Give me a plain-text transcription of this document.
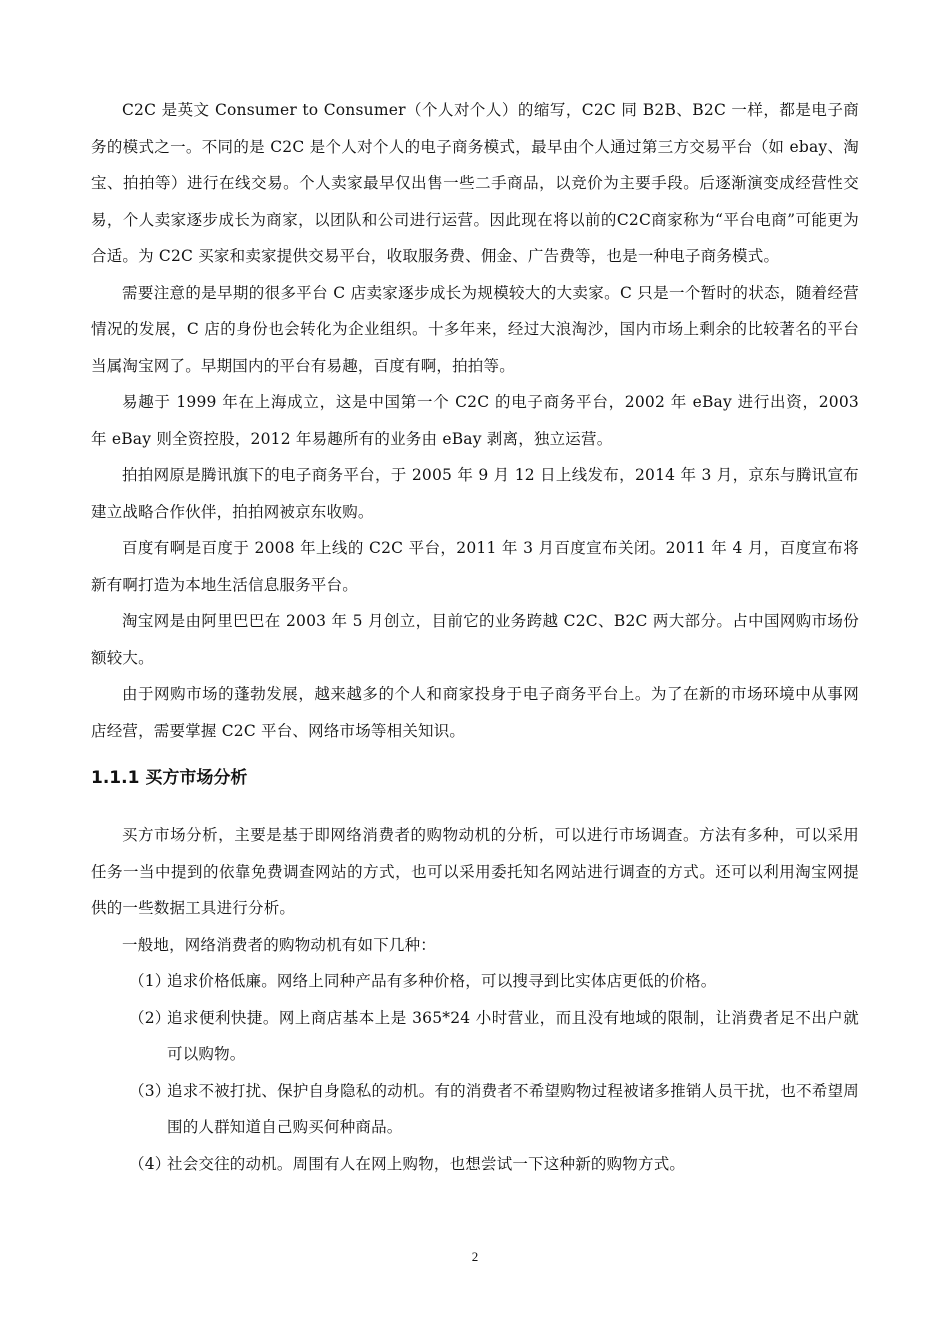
C2C 是英文 Consumer to Consumer（个人对个人）的缩写，C2C 同 B2B、B2C 一样，都是电子商务的模式之一。不同的是 C2C 是个人对个人的电子商务模式，最早由个人通过第三方交易平台（如 ebay、淘宝、拍拍等）进行在线交易。个人卖家最早仅出售一些二手商品，以竞价为主要手段。后逐渐演变成经营性交易，个人卖家逐步成长为商家，以团队和公司进行运营。因此现在将以前的C2C商家称为“平台电商”可能更为合适。为 C2C 买家和卖家提供交易平台，收取服务费、佣金、广告费等，也是一种电子商务模式。

需要注意的是早期的很多平台 C 店卖家逐步成长为规模较大的大卖家。C 只是一个暂时的状态，随着经营情况的发展，C 店的身份也会转化为企业组织。十多年来，经过大浪淘沙，国内市场上剩余的比较著名的平台当属淘宝网了。早期国内的平台有易趣，百度有啊，拍拍等。

易趣于 1999 年在上海成立，这是中国第一个 C2C 的电子商务平台，2002 年 eBay 进行出资，2003 年 eBay 则全资控股，2012 年易趣所有的业务由 eBay 剥离，独立运营。

拍拍网原是腾讯旗下的电子商务平台，于 2005 年 9 月 12 日上线发布，2014 年 3 月，京东与腾讯宣布建立战略合作伙伴，拍拍网被京东收购。

百度有啊是百度于 2008 年上线的 C2C 平台，2011 年 3 月百度宣布关闭。2011 年 4 月，百度宣布将新有啊打造为本地生活信息服务平台。

淘宝网是由阿里巴巴在 2003 年 5 月创立，目前它的业务跨越 C2C、B2C 两大部分。占中国网购市场份额较大。

由于网购市场的蓬勃发展，越来越多的个人和商家投身于电子商务平台上。为了在新的市场环境中从事网店经营，需要掌握 C2C 平台、网络市场等相关知识。

1.1.1 买方市场分析

买方市场分析，主要是基于即网络消费者的购物动机的分析，可以进行市场调查。方法有多种，可以采用任务一当中提到的依靠免费调查网站的方式，也可以采用委托知名网站进行调查的方式。还可以利用淘宝网提供的一些数据工具进行分析。

一般地，网络消费者的购物动机有如下几种：

（1）
追求价格低廉。网络上同种产品有多种价格，可以搜寻到比实体店更低的价格。
（2）
追求便利快捷。网上商店基本上是 365*24 小时营业，而且没有地域的限制，让消费者足不出户就可以购物。
（3）
追求不被打扰、保护自身隐私的动机。有的消费者不希望购物过程被诸多推销人员干扰，也不希望周围的人群知道自己购买何种商品。
（4）
社会交往的动机。周围有人在网上购物，也想尝试一下这种新的购物方式。
2
